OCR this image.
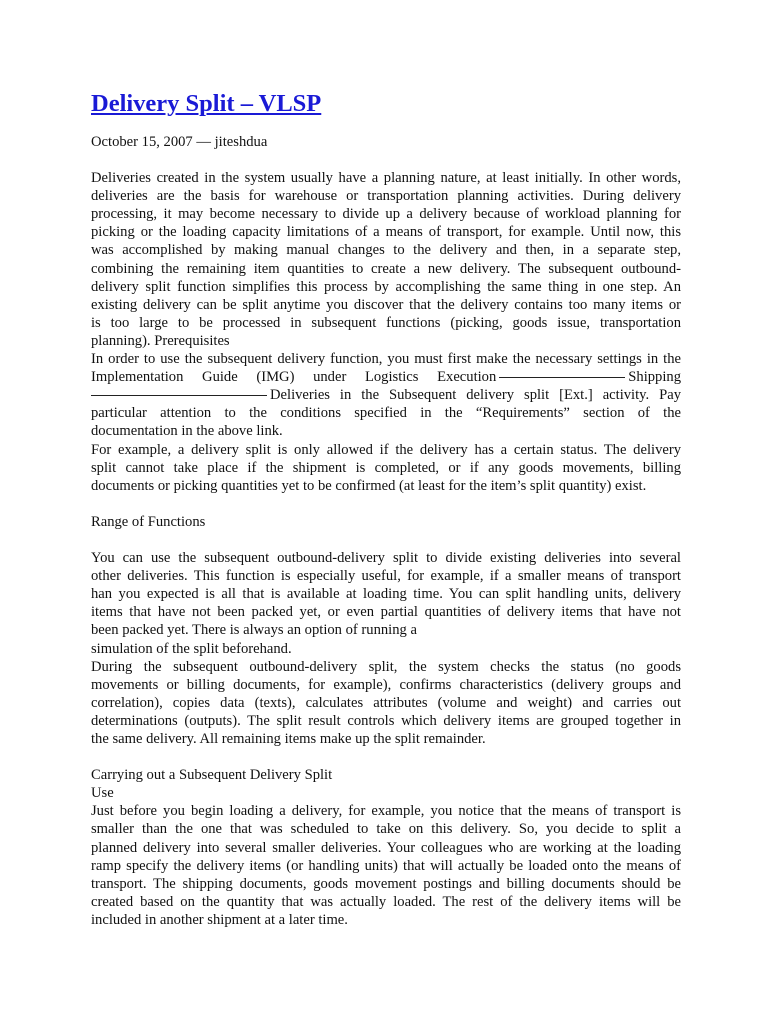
Delivery Split – VLSP
October 15, 2007 — jiteshdua
Deliveries created in the system usually have a planning nature, at least initially. In other words,
deliveries are the basis for warehouse or transportation planning activities. During delivery
processing, it may become necessary to divide up a delivery because of workload planning for
picking or the loading capacity limitations of a means of transport, for example. Until now, this
was accomplished by making manual changes to the delivery and then, in a separate step,
combining the remaining item quantities to create a new delivery. The subsequent outbound-
delivery split function simplifies this process by accomplishing the same thing in one step. An
existing delivery can be split anytime you discover that the delivery contains too many items or
is too large to be processed in subsequent functions (picking, goods issue, transportation
planning). Prerequisites
In order to use the subsequent delivery function, you must first make the necessary settings in the
Implementation Guide (IMG) under Logistics Execution	Shipping
Deliveries in the Subsequent delivery split [Ext.] activity. Pay
particular attention to the conditions specified in the “Requirements” section of the
documentation in the above link.
For example, a delivery split is only allowed if the delivery has a certain status. The delivery
split cannot take place if the shipment is completed, or if any goods movements, billing
documents or picking quantities yet to be confirmed (at least for the item’s split quantity) exist.
Range of Functions
You can use the subsequent outbound-delivery split to divide existing deliveries into several
other deliveries. This function is especially useful, for example, if a smaller means of transport
han you expected is all that is available at loading time. You can split handling units, delivery
items that have not been packed yet, or even partial quantities of delivery items that have not
been packed yet. There is always an option of running a
simulation of the split beforehand.
During the subsequent outbound-delivery split, the system checks the status (no goods
movements or billing documents, for example), confirms characteristics (delivery groups and
correlation), copies data (texts), calculates attributes (volume and weight) and carries out
determinations (outputs). The split result controls which delivery items are grouped together in
the same delivery. All remaining items make up the split remainder.
Carrying out a Subsequent Delivery Split
Use
Just before you begin loading a delivery, for example, you notice that the means of transport is
smaller than the one that was scheduled to take on this delivery. So, you decide to split a
planned delivery into several smaller deliveries. Your colleagues who are working at the loading
ramp specify the delivery items (or handling units) that will actually be loaded onto the means of
transport. The shipping documents, goods movement postings and billing documents should be
created based on the quantity that was actually loaded. The rest of the delivery items will be
included in another shipment at a later time.
